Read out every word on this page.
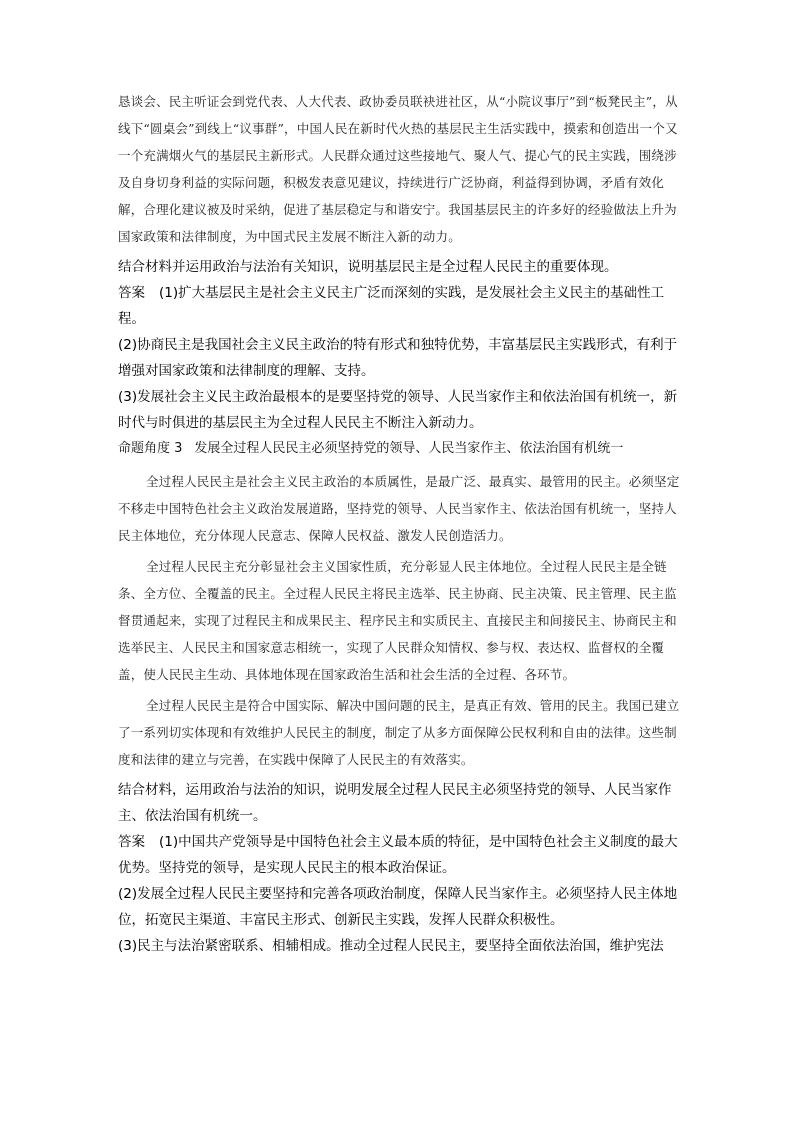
恳谈会、民主听证会到党代表、人大代表、政协委员联袂进社区，从“小院议事厅”到“板凳民主”，从线下“圆桌会”到线上“议事群”，中国人民在新时代火热的基层民主生活实践中，摸索和创造出一个又一个充满烟火气的基层民主新形式。人民群众通过这些接地气、聚人气、提心气的民主实践，围绕涉及自身切身利益的实际问题，积极发表意见建议，持续进行广泛协商，利益得到协调，矛盾有效化解，合理化建议被及时采纳，促进了基层稳定与和谐安宁。我国基层民主的许多好的经验做法上升为国家政策和法律制度，为中国式民主发展不断注入新的动力。

结合材料并运用政治与法治有关知识，说明基层民主是全过程人民民主的重要体现。

答案 (1)扩大基层民主是社会主义民主广泛而深刻的实践，是发展社会主义民主的基础性工程。

(2)协商民主是我国社会主义民主政治的特有形式和独特优势，丰富基层民主实践形式，有利于增强对国家政策和法律制度的理解、支持。

(3)发展社会主义民主政治最根本的是要坚持党的领导、人民当家作主和依法治国有机统一，新时代与时俱进的基层民主为全过程人民民主不断注入新动力。

命题角度 3 发展全过程人民民主必须坚持党的领导、人民当家作主、依法治国有机统一

全过程人民民主是社会主义民主政治的本质属性，是最广泛、最真实、最管用的民主。必须坚定不移走中国特色社会主义政治发展道路，坚持党的领导、人民当家作主、依法治国有机统一，坚持人民主体地位，充分体现人民意志、保障人民权益、激发人民创造活力。

全过程人民民主充分彰显社会主义国家性质，充分彰显人民主体地位。全过程人民民主是全链条、全方位、全覆盖的民主。全过程人民民主将民主选举、民主协商、民主决策、民主管理、民主监督贯通起来，实现了过程民主和成果民主、程序民主和实质民主、直接民主和间接民主、协商民主和选举民主、人民民主和国家意志相统一，实现了人民群众知情权、参与权、表达权、监督权的全覆盖，使人民民主生动、具体地体现在国家政治生活和社会生活的全过程、各环节。

全过程人民民主是符合中国实际、解决中国问题的民主，是真正有效、管用的民主。我国已建立了一系列切实体现和有效维护人民民主的制度，制定了从多方面保障公民权利和自由的法律。这些制度和法律的建立与完善，在实践中保障了人民民主的有效落实。

结合材料，运用政治与法治的知识，说明发展全过程人民民主必须坚持党的领导、人民当家作主、依法治国有机统一。

答案 (1)中国共产党领导是中国特色社会主义最本质的特征，是中国特色社会主义制度的最大优势。坚持党的领导，是实现人民民主的根本政治保证。

(2)发展全过程人民民主要坚持和完善各项政治制度，保障人民当家作主。必须坚持人民主体地位，拓宽民主渠道、丰富民主形式、创新民主实践，发挥人民群众积极性。

(3)民主与法治紧密联系、相辅相成。推动全过程人民民主，要坚持全面依法治国，维护宪法
